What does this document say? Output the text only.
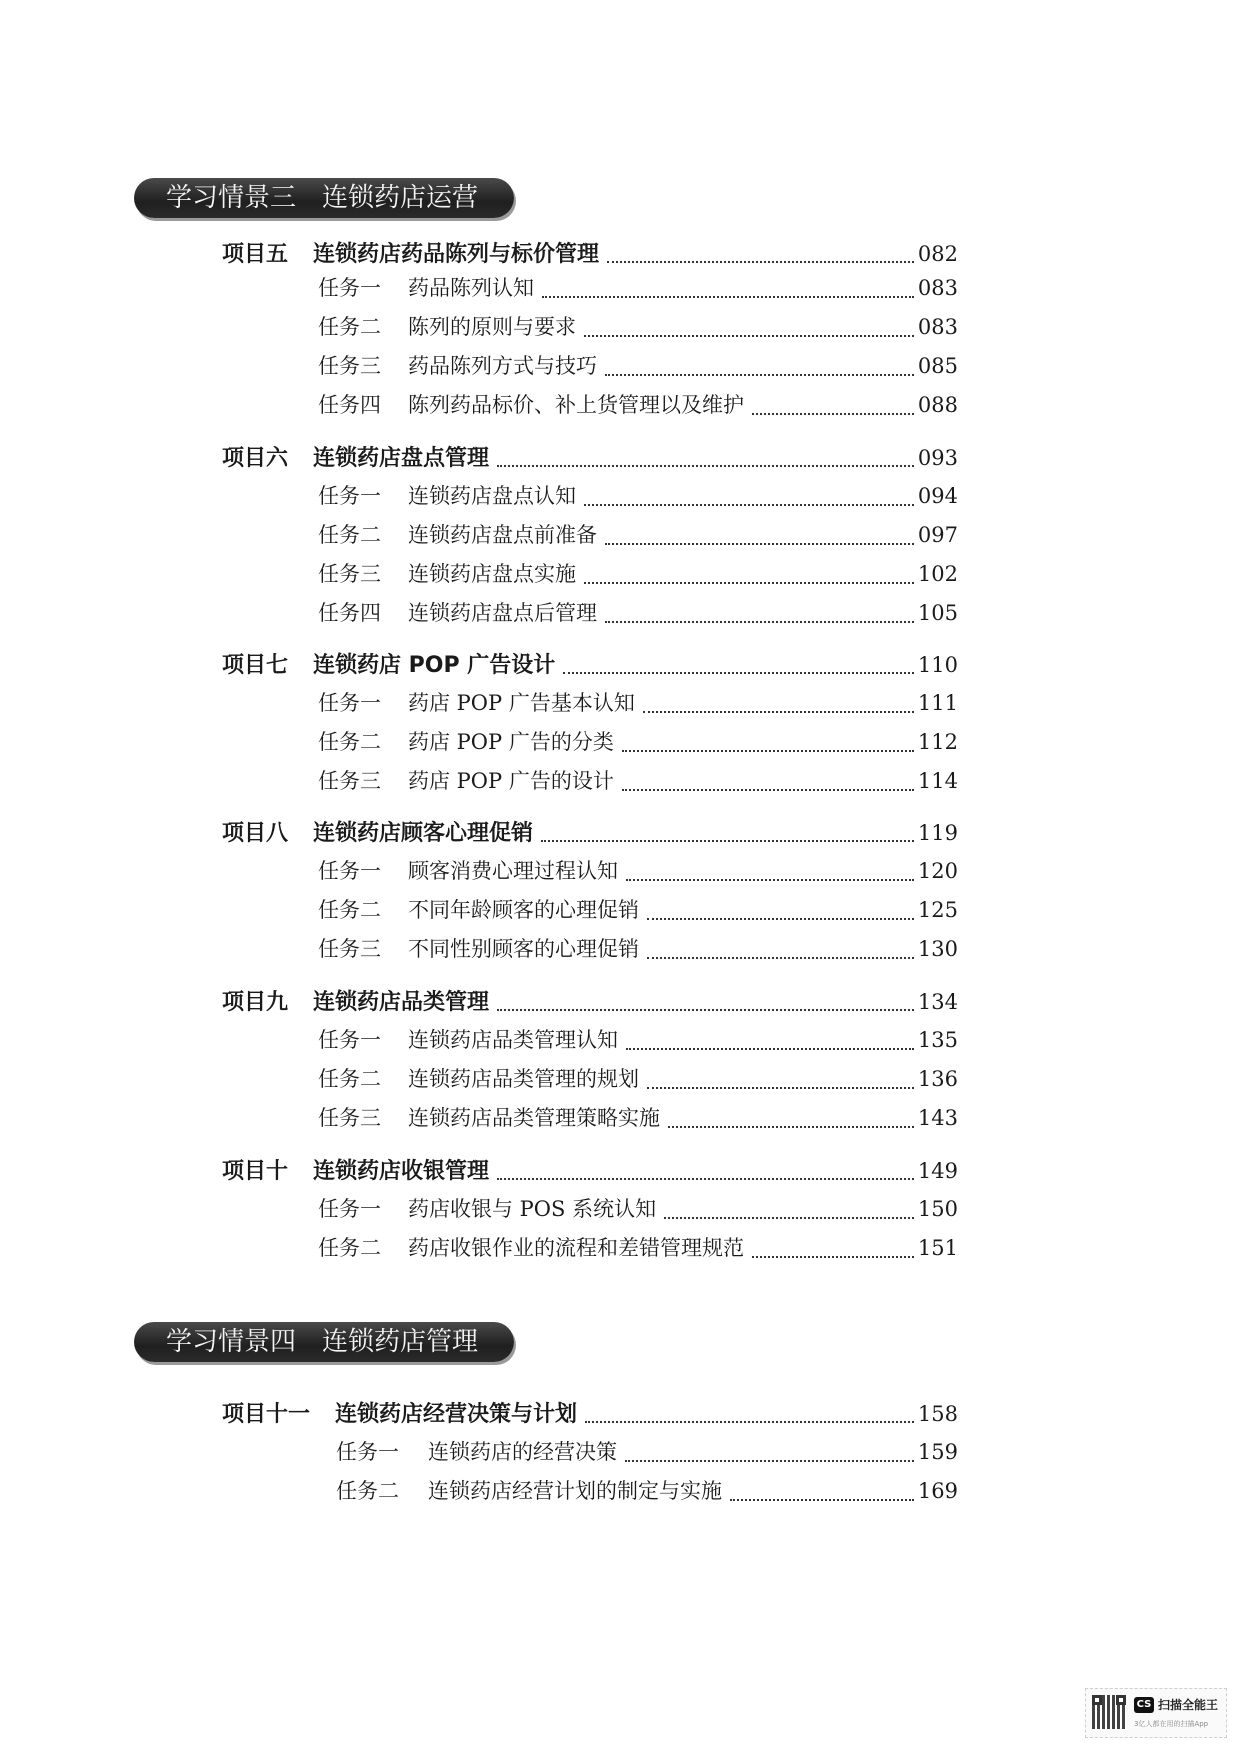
学习情景三 连锁药店运营
项目五	连锁药店药品陈列与标价管理	082
任务一	药品陈列认知	083
任务二	陈列的原则与要求	083
任务三	药品陈列方式与技巧	085
任务四	陈列药品标价、补上货管理以及维护	088
项目六	连锁药店盘点管理	093
任务一	连锁药店盘点认知	094
任务二	连锁药店盘点前准备	097
任务三	连锁药店盘点实施	102
任务四	连锁药店盘点后管理	105
项目七	连锁药店 POP 广告设计	110
任务一	药店 POP 广告基本认知	111
任务二	药店 POP 广告的分类	112
任务三	药店 POP 广告的设计	114
项目八	连锁药店顾客心理促销	119
任务一	顾客消费心理过程认知	120
任务二	不同年龄顾客的心理促销	125
任务三	不同性别顾客的心理促销	130
项目九	连锁药店品类管理	134
任务一	连锁药店品类管理认知	135
任务二	连锁药店品类管理的规划	136
任务三	连锁药店品类管理策略实施	143
项目十	连锁药店收银管理	149
任务一	药店收银与 POS 系统认知	150
任务二	药店收银作业的流程和差错管理规范	151
学习情景四 连锁药店管理
项目十一	连锁药店经营决策与计划	158
任务一	连锁药店的经营决策	159
任务二	连锁药店经营计划的制定与实施	169
CS 扫描全能王
3亿人都在用的扫描App
